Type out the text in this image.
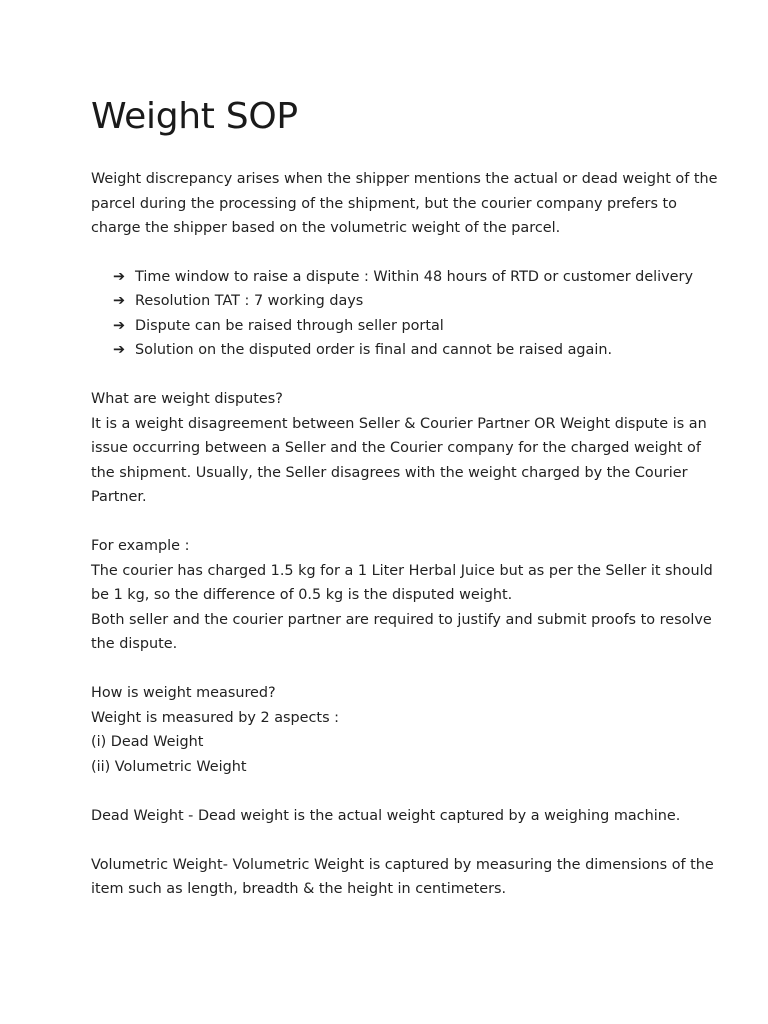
Weight SOP

Weight discrepancy arises when the shipper mentions the actual or dead weight of the
parcel during the processing of the shipment, but the courier company prefers to
charge the shipper based on the volumetric weight of the parcel.

➔ Time window to raise a dispute : Within 48 hours of RTD or customer delivery
➔ Resolution TAT : 7 working days
➔ Dispute can be raised through seller portal
➔ Solution on the disputed order is final and cannot be raised again.

What are weight disputes?
It is a weight disagreement between Seller & Courier Partner OR Weight dispute is an
issue occurring between a Seller and the Courier company for the charged weight of
the shipment. Usually, the Seller disagrees with the weight charged by the Courier
Partner.

For example :
The courier has charged 1.5 kg for a 1 Liter Herbal Juice but as per the Seller it should
be 1 kg, so the difference of 0.5 kg is the disputed weight.
Both seller and the courier partner are required to justify and submit proofs to resolve
the dispute.

How is weight measured?
Weight is measured by 2 aspects :
(i) Dead Weight
(ii) Volumetric Weight

Dead Weight - Dead weight is the actual weight captured by a weighing machine.

Volumetric Weight- Volumetric Weight is captured by measuring the dimensions of the
item such as length, breadth & the height in centimeters.
